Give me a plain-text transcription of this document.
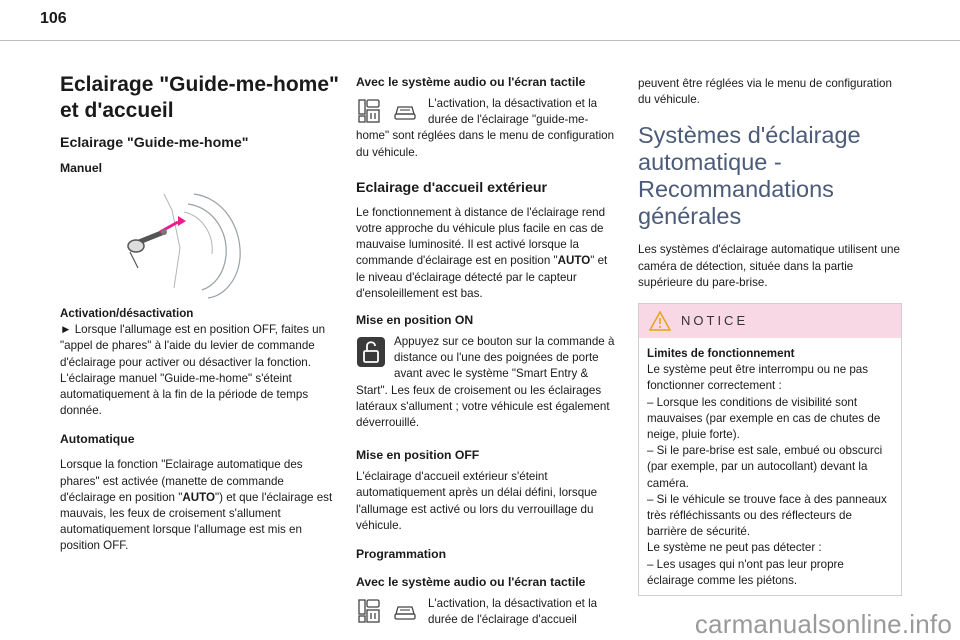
106
Eclairage "Guide-me-home"
et d'accueil
Eclairage "Guide-me-home"
Manuel

Activation/désactivation

► Lorsque l'allumage est en position OFF, faites un "appel de phares" à l'aide du levier de commande d'éclairage pour activer ou désactiver la fonction.

L'éclairage manuel "Guide-me-home" s'éteint automatiquement à la fin de la période de temps donnée.

Automatique

Lorsque la fonction "Eclairage automatique des phares" est activée (manette de commande d'éclairage en position "AUTO") et que l'éclairage est mauvais, les feux de croisement s'allument automatiquement lorsque l'allumage est mis en position OFF.

Avec le système audio ou l'écran tactile

L'activation, la désactivation et la durée de l'éclairage "guide-me-home" sont réglées dans le menu de configuration du véhicule.

Eclairage d'accueil extérieur

Le fonctionnement à distance de l'éclairage rend votre approche du véhicule plus facile en cas de mauvaise luminosité. Il est activé lorsque la commande d'éclairage est en position "AUTO" et le niveau d'éclairage détecté par le capteur d'ensoleillement est bas.

Mise en position ON

Appuyez sur ce bouton sur la commande à distance ou l'une des poignées de porte avant avec le système "Smart Entry & Start". Les feux de croisement ou les éclairages latéraux s'allument ; votre véhicule est également déverrouillé.

Mise en position OFF

L'éclairage d'accueil extérieur s'éteint automatiquement après un délai défini, lorsque l'allumage est activé ou lors du verrouillage du véhicule.

Programmation
Avec le système audio ou l'écran tactile

L'activation, la désactivation et la durée de l'éclairage d'accueil

peuvent être réglées via le menu de configuration du véhicule.

Systèmes d'éclairage automatique - Recommandations générales

Les systèmes d'éclairage automatique utilisent une caméra de détection, située dans la partie supérieure du pare-brise.

NOTICE

Limites de fonctionnement

Le système peut être interrompu ou ne pas fonctionner correctement :

– Lorsque les conditions de visibilité sont mauvaises (par exemple en cas de chutes de neige, pluie forte).

– Si le pare-brise est sale, embué ou obscurci (par exemple, par un autocollant) devant la caméra.

– Si le véhicule se trouve face à des panneaux très réfléchissants ou des réflecteurs de barrière de sécurité.

Le système ne peut pas détecter :

– Les usages qui n'ont pas leur propre éclairage comme les piétons.

carmanualsonline.info
